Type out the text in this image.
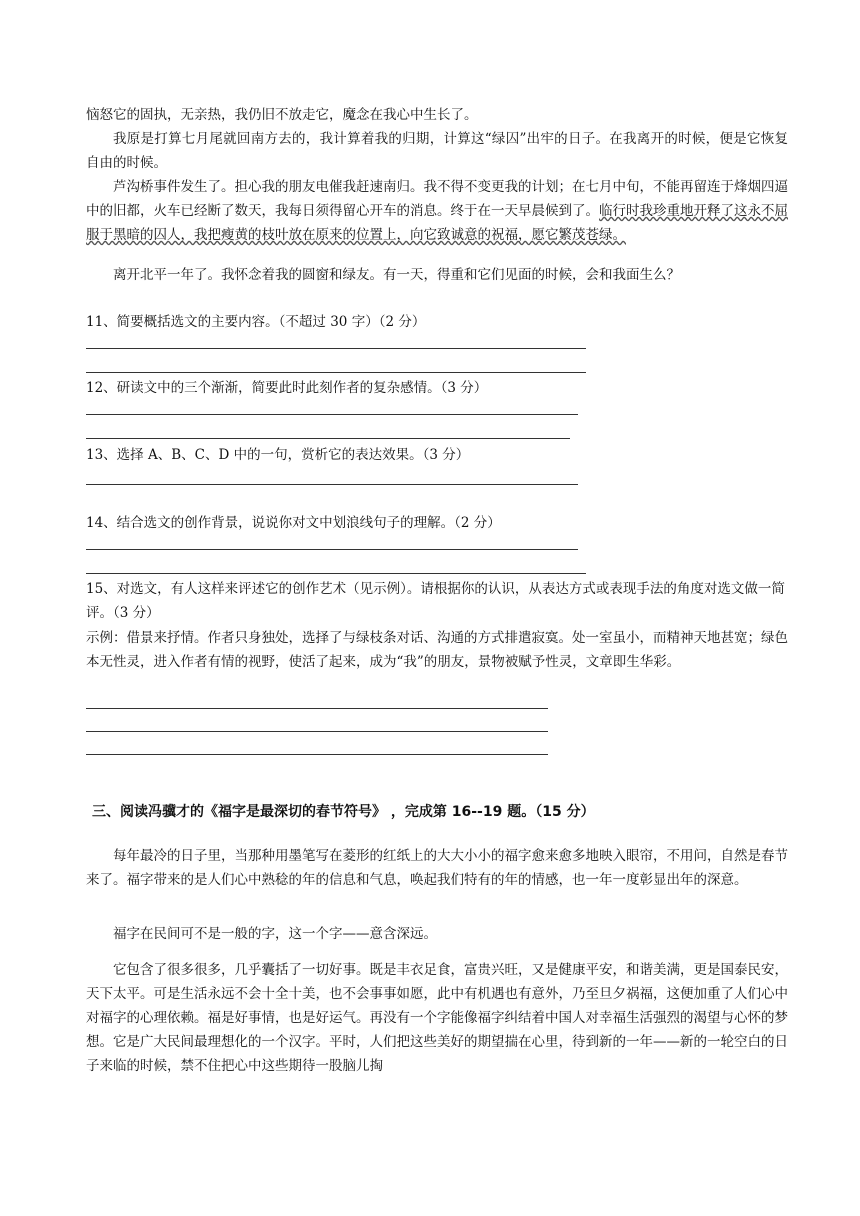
恼怒它的固执，无亲热，我仍旧不放走它，魔念在我心中生长了。

我原是打算七月尾就回南方去的，我计算着我的归期，计算这“绿囚”出牢的日子。在我离开的时候，便是它恢复自由的时候。

芦沟桥事件发生了。担心我的朋友电催我赶速南归。我不得不变更我的计划；在七月中旬，不能再留连于烽烟四逼中的旧都，火车已经断了数天，我每日须得留心开车的消息。终于在一天早晨候到了。临行时我珍重地开释了这永不屈服于黑暗的囚人，我把瘦黄的枝叶放在原来的位置上，向它致诚意的祝福，愿它繁茂苍绿。

离开北平一年了。我怀念着我的圆窗和绿友。有一天，得重和它们见面的时候，会和我面生么？

11、简要概括选文的主要内容。（不超过 30 字）（2 分）

12、研读文中的三个渐渐，简要此时此刻作者的复杂感情。（3 分）

13、选择 A、B、C、D 中的一句，赏析它的表达效果。（3 分）

14、结合选文的创作背景，说说你对文中划浪线句子的理解。（2 分）

15、对选文，有人这样来评述它的创作艺术（见示例）。请根据你的认识，从表达方式或表现手法的角度对选文做一简评。（3 分）

示例：借景来抒情。作者只身独处，选择了与绿枝条对话、沟通的方式排遣寂寞。处一室虽小，而精神天地甚宽；绿色本无性灵，进入作者有情的视野，使活了起来，成为“我”的朋友，景物被赋予性灵，文章即生华彩。

三、阅读冯骥才的《福字是最深切的春节符号》 ，完成第 16--19 题。（15 分）

每年最冷的日子里，当那种用墨笔写在菱形的红纸上的大大小小的福字愈来愈多地映入眼帘，不用问，自然是春节来了。福字带来的是人们心中熟稔的年的信息和气息，唤起我们特有的年的情感，也一年一度彰显出年的深意。

福字在民间可不是一般的字，这一个字——意含深远。

它包含了很多很多，几乎囊括了一切好事。既是丰衣足食，富贵兴旺，又是健康平安，和谐美满，更是国泰民安，天下太平。可是生活永远不会十全十美，也不会事事如愿，此中有机遇也有意外，乃至旦夕祸福，这便加重了人们心中对福字的心理依赖。福是好事情，也是好运气。再没有一个字能像福字纠结着中国人对幸福生活强烈的渴望与心怀的梦想。它是广大民间最理想化的一个汉字。平时，人们把这些美好的期望揣在心里，待到新的一年——新的一轮空白的日子来临的时候，禁不住把心中这些期待一股脑儿掏
